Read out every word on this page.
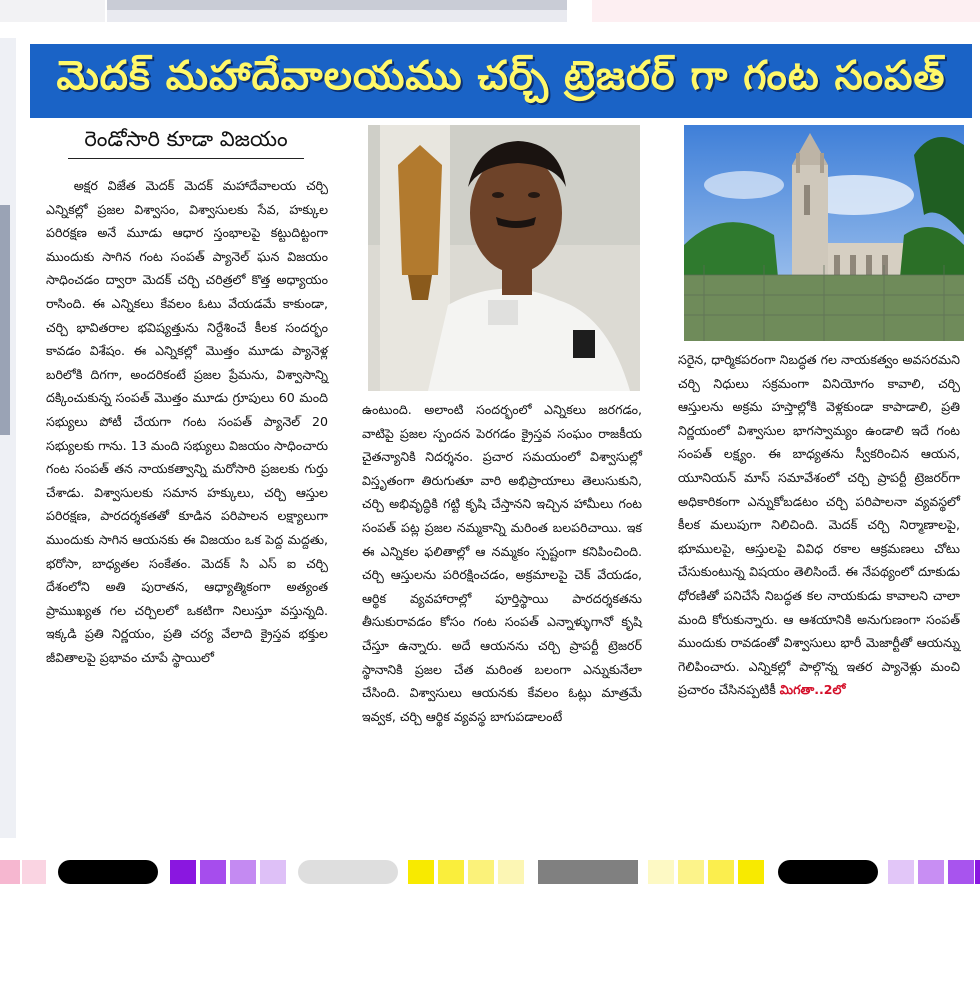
మెదక్ మహాదేవాలయము చర్చ్ ట్రెజరర్ గా గంట సంపత్
రెండోసారి కూడా విజయం

అక్షర విజేత మెదక్ మెదక్ మహాదేవాలయ చర్చి ఎన్నికల్లో ప్రజల విశ్వాసం, విశ్వాసులకు సేవ, హక్కుల పరిరక్షణ అనే మూడు ఆధార స్తంభాలపై కట్టుదిట్టంగా ముందుకు సాగిన గంట సంపత్ ప్యానెల్ ఘన విజయం సాధించడం ద్వారా మెదక్ చర్చి చరిత్రలో కొత్త అధ్యాయం రాసింది. ఈ ఎన్నికలు కేవలం ఓటు వేయడమే కాకుండా, చర్చి భావితరాల భవిష్యత్తును నిర్దేశించే కీలక సందర్భం కావడం విశేషం. ఈ ఎన్నికల్లో మొత్తం మూడు ప్యానెళ్ల బరిలోకి దిగగా, అందరికంటే ప్రజల ప్రేమను, విశ్వాసాన్ని దక్కించుకున్న సంపత్ మొత్తం మూడు గ్రూపులు 60 మంది సభ్యులు పోటీ చేయగా గంట సంపత్ ప్యానెల్ 20 సభ్యులకు గాను. 13 మంది సభ్యులు విజయం సాధించారు గంట సంపత్ తన నాయకత్వాన్ని మరోసారి ప్రజలకు గుర్తు చేశాడు. విశ్వాసులకు సమాన హక్కులు, చర్చి ఆస్తుల పరిరక్షణ, పారదర్శకతతో కూడిన పరిపాలన లక్ష్యాలుగా ముందుకు సాగిన ఆయనకు ఈ విజయం ఒక పెద్ద మద్దతు, భరోసా, బాధ్యతల సంకేతం. మెదక్ సి ఎస్ ఐ చర్చి దేశంలోని అతి పురాతన, ఆధ్యాత్మికంగా అత్యంత ప్రాముఖ్యత గల చర్చిలలో ఒకటిగా నిలుస్తూ వస్తున్నది. ఇక్కడి ప్రతి నిర్ణయం, ప్రతి చర్య వేలాది క్రైస్తవ భక్తుల జీవితాలపై ప్రభావం చూపే స్థాయిలో

ఉంటుంది. అలాంటి సందర్భంలో ఎన్నికలు జరగడం, వాటిపై ప్రజల స్పందన పెరగడం క్రైస్తవ సంఘం రాజకీయ చైతన్యానికి నిదర్శనం. ప్రచార సమయంలో విశ్వాసుల్లో విస్తృతంగా తిరుగుతూ వారి అభిప్రాయాలు తెలుసుకుని, చర్చి అభివృద్ధికి గట్టి కృషి చేస్తానని ఇచ్చిన హామీలు గంట సంపత్ పట్ల ప్రజల నమ్మకాన్ని మరింత బలపరిచాయి. ఇక ఈ ఎన్నికల ఫలితాల్లో ఆ నమ్మకం స్పష్టంగా కనిపించింది. చర్చి ఆస్తులను పరిరక్షించడం, అక్రమాలపై చెక్ వేయడం, ఆర్థిక వ్యవహారాల్లో పూర్తిస్థాయి పారదర్శకతను తీసుకురావడం కోసం గంట సంపత్ ఎన్నాళ్ళుగానో కృషి చేస్తూ ఉన్నారు. అదే ఆయనను చర్చి ప్రాపర్టీ ట్రెజరర్ స్థానానికి ప్రజల చేత మరింత బలంగా ఎన్నుకునేలా చేసింది. విశ్వాసులు ఆయనకు కేవలం ఓట్లు మాత్రమే ఇవ్వక, చర్చి ఆర్థిక వ్యవస్థ బాగుపడాలంటే

సరైన, ధార్మికపరంగా నిబద్ధత గల నాయకత్వం అవసరమని చర్చి నిధులు సక్రమంగా వినియోగం కావాలి, చర్చి ఆస్తులను అక్రమ హస్తాల్లోకి వెళ్లకుండా కాపాడాలి, ప్రతి నిర్ణయంలో విశ్వాసుల భాగస్వామ్యం ఉండాలి ఇదే గంట సంపత్ లక్ష్యం. ఈ బాధ్యతను స్వీకరించిన ఆయన, యూనియన్ మాస్ సమావేశంలో చర్చి ప్రాపర్టీ ట్రెజరర్‌గా అధికారికంగా ఎన్నుకోబడటం చర్చి పరిపాలనా వ్యవస్థలో కీలక మలుపుగా నిలిచింది. మెదక్ చర్చి నిర్మాణాలపై, భూములపై, ఆస్తులపై వివిధ రకాల ఆక్రమణలు చోటు చేసుకుంటున్న విషయం తెలిసిందే. ఈ నేపథ్యంలో దూకుడు ధోరణితో పనిచేసే నిబద్ధత కల నాయకుడు కావాలని చాలా మంది కోరుకున్నారు. ఆ ఆశయానికి అనుగుణంగా సంపత్ ముందుకు రావడంతో విశ్వాసులు భారీ మెజార్టీతో ఆయన్ను గెలిపించారు. ఎన్నికల్లో పాల్గొన్న ఇతర ప్యానెళ్లు మంచి ప్రచారం చేసినప్పటికీ మిగతా..2లో
